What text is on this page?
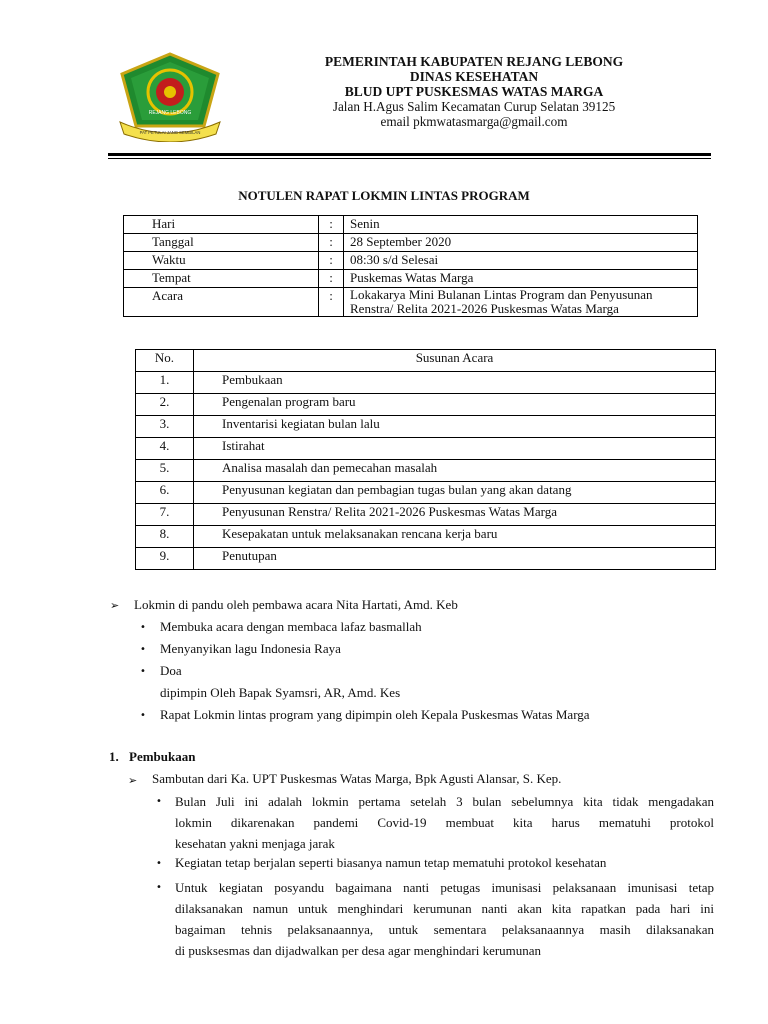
REJANG LEBONG
PAT PETULAI JANG SEMBILAN
PEMERINTAH KABUPATEN REJANG LEBONG
DINAS KESEHATAN
BLUD UPT PUSKESMAS WATAS MARGA
Jalan H.Agus Salim Kecamatan Curup Selatan 39125
email pkmwatasmarga@gmail.com
NOTULEN RAPAT LOKMIN LINTAS PROGRAM
Hari	:	Senin
Tanggal	:	28 September 2020
Waktu	:	08:30 s/d Selesai
Tempat	:	Puskemas Watas Marga
Acara	:	Lokakarya Mini Bulanan Lintas Program dan Penyusunan
Renstra/ Relita 2021-2026 Puskesmas Watas Marga
No.	Susunan Acara
1.	Pembukaan
2.	Pengenalan program baru
3.	Inventarisi kegiatan bulan lalu
4.	Istirahat
5.	Analisa masalah dan pemecahan masalah
6.	Penyusunan kegiatan dan pembagian tugas bulan yang akan datang
7.	Penyusunan Renstra/ Relita 2021-2026 Puskesmas Watas Marga
8.	Kesepakatan untuk melaksanakan rencana kerja baru
9.	Penutupan
➢ Lokmin di pandu oleh pembawa acara Nita Hartati, Amd. Keb
• Membuka acara dengan membaca lafaz basmallah
• Menyanyikan lagu Indonesia Raya
• Doa
dipimpin Oleh Bapak Syamsri, AR, Amd. Kes
• Rapat Lokmin lintas program yang dipimpin oleh Kepala Puskesmas Watas Marga
1. Pembukaan
➢ Sambutan dari Ka. UPT Puskesmas Watas Marga, Bpk Agusti Alansar, S. Kep.
• Bulan Juli ini adalah lokmin pertama setelah 3 bulan sebelumnya kita tidak mengadakan
lokmin dikarenakan pandemi Covid-19 membuat kita harus mematuhi protokol
kesehatan yakni menjaga jarak
• Kegiatan tetap berjalan seperti biasanya namun tetap mematuhi protokol kesehatan
• Untuk kegiatan posyandu bagaimana nanti petugas imunisasi pelaksanaan imunisasi tetap
dilaksanakan namun untuk menghindari kerumunan nanti akan kita rapatkan pada hari ini
bagaiman tehnis pelaksanaannya, untuk sementara pelaksanaannya masih dilaksanakan
di pusksesmas dan dijadwalkan per desa agar menghindari kerumunan
